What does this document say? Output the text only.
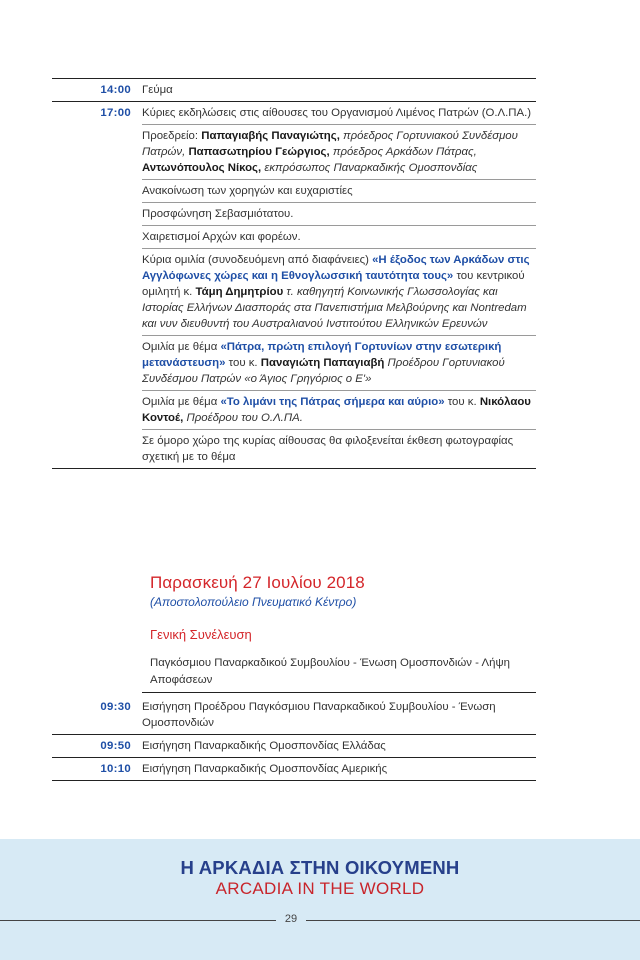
14:00 Γεύμα
17:00 Κύριες εκδηλώσεις στις αίθουσες του Οργανισμού Λιμένος Πατρών (Ο.Λ.ΠΑ.)
Προεδρείο: Παπαγιαβής Παναγιώτης, πρόεδρος Γορτυνιακού Συνδέσμου Πατρών, Παπασωτηρίου Γεώργιος, πρόεδρος Αρκάδων Πάτρας, Αντωνόπουλος Νίκος, εκπρόσωπος Παναρκαδικής Ομοσπονδίας
Ανακοίνωση των χορηγών και ευχαριστίες
Προσφώνηση Σεβασμιότατου.
Χαιρετισμοί Αρχών και φορέων.
Κύρια ομιλία (συνοδευόμενη από διαφάνειες) «Η έξοδος των Αρκάδων στις Αγγλόφωνες χώρες και η Εθνογλωσσική ταυτότητα τους» του κεντρικού ομιλητή κ. Τάμη Δημητρίου τ. καθηγητή Κοινωνικής Γλωσσολογίας και Ιστορίας Ελλήνων Διασποράς στα Πανεπιστήμια Μελβούρνης και Nontredam και νυν διευθυντή του Αυστραλιανού Ινστιτούτου Ελληνικών Ερευνών
Ομιλία με θέμα «Πάτρα, πρώτη επιλογή Γορτυνίων στην εσωτερική μετανάστευση» του κ. Παναγιώτη Παπαγιαβή Προέδρου Γορτυνιακού Συνδέσμου Πατρών «ο Άγιος Γρηγόριος ο Ε'»
Ομιλία με θέμα «Το λιμάνι της Πάτρας σήμερα και αύριο» του κ. Νικόλαου Κοντοέ, Προέδρου του Ο.Λ.ΠΑ.
Σε όμορο χώρο της κυρίας αίθουσας θα φιλοξενείται έκθεση φωτογραφίας σχετική με το θέμα
Παρασκευή 27 Ιουλίου 2018
(Αποστολοπούλειο Πνευματικό Κέντρο)
Γενική Συνέλευση
Παγκόσμιου Παναρκαδικού Συμβουλίου - Ένωση Ομοσπονδιών - Λήψη Αποφάσεων
09:30 Εισήγηση Προέδρου Παγκόσμιου Παναρκαδικού Συμβουλίου - Ένωση Ομοσπονδιών
09:50 Εισήγηση Παναρκαδικής Ομοσπονδίας Ελλάδας
10:10 Εισήγηση Παναρκαδικής Ομοσπονδίας Αμερικής
Η ΑΡΚΑΔΙΑ ΣΤΗΝ ΟΙΚΟΥΜΕΝΗ
ARCADIA IN THE WORLD
29
